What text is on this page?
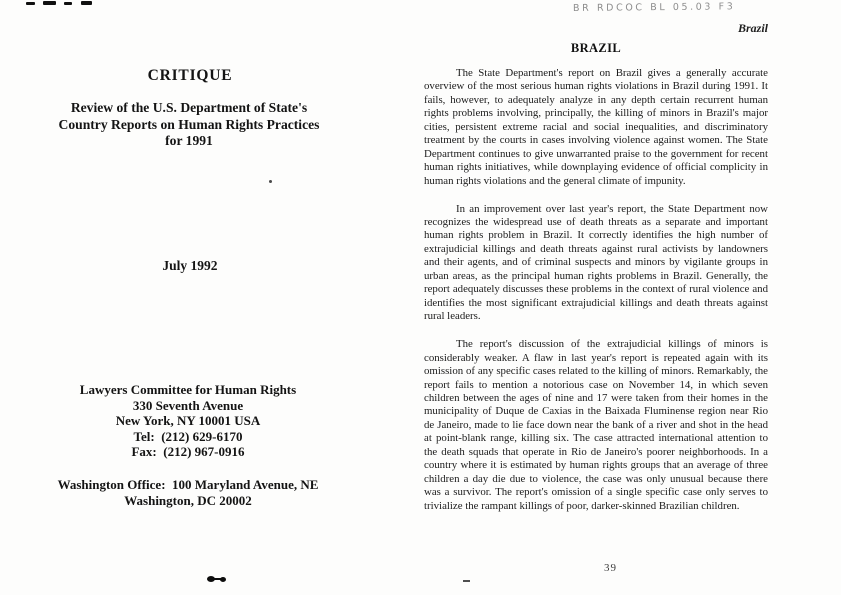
CRITIQUE
Review of the U.S. Department of State's
Country Reports on Human Rights Practices
for 1991
July 1992
Lawyers Committee for Human Rights
330 Seventh Avenue
New York, NY 10001 USA
Tel:  (212) 629-6170
Fax:  (212) 967-0916
Washington Office:  100 Maryland Avenue, NE
Washington, DC 20002
BR RDCOC BL 05.03 F3
Brazil
BRAZIL

The State Department's report on Brazil gives a generally accurate overview of the most serious human rights violations in Brazil during 1991. It fails, however, to adequately analyze in any depth certain recurrent human rights problems involving, principally, the killing of minors in Brazil's major cities, persistent extreme racial and social inequalities, and discriminatory treatment by the courts in cases involving violence against women. The State Department continues to give unwarranted praise to the government for recent human rights initiatives, while downplaying evidence of official complicity in human rights violations and the general climate of impunity.

In an improvement over last year's report, the State Department now recognizes the widespread use of death threats as a separate and important human rights problem in Brazil. It correctly identifies the high number of extrajudicial killings and death threats against rural activists by landowners and their agents, and of criminal suspects and minors by vigilante groups in urban areas, as the principal human rights problems in Brazil. Generally, the report adequately discusses these problems in the context of rural violence and identifies the most significant extrajudicial killings and death threats against rural leaders.

The report's discussion of the extrajudicial killings of minors is considerably weaker. A flaw in last year's report is repeated again with its omission of any specific cases related to the killing of minors. Remarkably, the report fails to mention a notorious case on November 14, in which seven children between the ages of nine and 17 were taken from their homes in the municipality of Duque de Caxias in the Baixada Fluminense region near Rio de Janeiro, made to lie face down near the bank of a river and shot in the head at point-blank range, killing six. The case attracted international attention to the death squads that operate in Rio de Janeiro's poorer neighborhoods. In a country where it is estimated by human rights groups that an average of three children a day die due to violence, the case was only unusual because there was a survivor. The report's omission of a single specific case only serves to trivialize the rampant killings of poor, darker-skinned Brazilian children.

39
